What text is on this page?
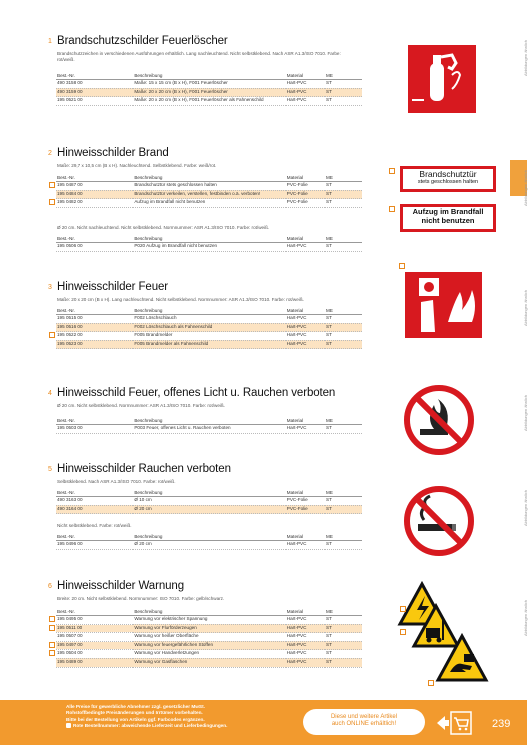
1 Brandschutzschilder Feuerlöscher
Brandschutzzeichen in verschiedenen Ausführungen erhältlich. Lang nachleuchtend. Nicht selbstklebend. Nach ASR A1.3/ISO 7010. Farbe: rot/weiß.
Best.-Nr.	Beschreibung	Material	ME
490 3158 00	Maße: 15 x 15 cm (B x H), F001 Feuerlöscher	Hart-PVC	ST
490 3159 00	Maße: 20 x 20 cm (B x H), F001 Feuerlöscher	Hart-PVC	ST
195 0521 00	Maße: 20 x 20 cm (B x H), F001 Feuerlöscher als Fahnenschild	Hart-PVC	ST
2 Hinweisschilder Brand
Maße: 29,7 x 10,5 cm (B x H). Nachleuchtend. Selbstklebend. Farbe: weiß/rot.
Best.-Nr.	Beschreibung	Material	ME

195 0487 00	Brandschutztür stets geschlossen halten	PVC-Folie	ST
195 0484 00	Brandschutztür verkeilen, verstellen, festbinden o.ä. verboten!	PVC-Folie	ST

195 0482 00	Aufzug im Brandfall nicht benutzen	PVC-Folie	ST
Ø 20 cm. Nicht nachleuchtend. Nicht selbstklebend. Normnummer: ASR A1.3/ISO 7010. Farbe: rot/weiß.
Best.-Nr.	Beschreibung	Material	ME
195 0506 00	P020 Aufzug im Brandfall nicht benutzen	Hart-PVC	ST
3 Hinweisschilder Feuer
Maße: 20 x 20 cm (B x H). Lang nachleuchtend. Nicht selbstklebend. Normnummer: ASR A1.3/ISO 7010. Farbe: rot/weiß.
Best.-Nr.	Beschreibung	Material	ME
195 0515 00	F002 Löschschlauch	Hart-PVC	ST
195 0516 00	F002 Löschschlauch als Fahnenschild	Hart-PVC	ST

195 0522 00	F005 Brandmelder	Hart-PVC	ST
195 0523 00	F005 Brandmelder als Fahnenschild	Hart-PVC	ST
4 Hinweisschild Feuer, offenes Licht u. Rauchen verboten
Ø 20 cm. Nicht selbstklebend. Normnummer: ASR A1.3/ISO 7010. Farbe: rot/weiß.
Best.-Nr.	Beschreibung	Material	ME
195 0503 00	P003 Feuer, offenes Licht u. Rauchen verboten	Hart-PVC	ST
5 Hinweisschilder Rauchen verboten
Selbstklebend. Nach ASR A1.3/ISO 7010. Farbe: rot/weiß.
Best.-Nr.	Beschreibung	Material	ME
490 3163 00	Ø 10 cm	PVC-Folie	ST
490 3164 00	Ø 20 cm	PVC-Folie	ST
Nicht selbstklebend. Farbe: rot/weiß.
Best.-Nr.	Beschreibung	Material	ME
195 0496 00	Ø 20 cm	Hart-PVC	ST
6 Hinweisschilder Warnung
Breite: 20 cm. Nicht selbstklebend. Normnummer: ISO 7010. Farbe: gelb/schwarz.
Best.-Nr.	Beschreibung	Material	ME

195 0495 00	Warnung vor elektrischer Spannung	Hart-PVC	ST

195 0511 00	Warnung vor Flurförderzeugen	Hart-PVC	ST
195 0507 00	Warnung vor heißer Oberfläche	Hart-PVC	ST

195 0497 00	Warnung vor feuergefährlichen Stoffen	Hart-PVC	ST

195 0504 00	Warnung vor Handverletzungen	Hart-PVC	ST
195 0489 00	Warnung vor Gasflaschen	Hart-PVC	ST
Abbildungen ähnlich
Abbildungen ähnlich
Abbildungen ähnlich
Abbildungen ähnlich
Abbildungen ähnlich
Abbildungen ähnlich
Brandschutztür
stets geschlossen halten
Aufzug im Brandfall
nicht benutzen
Alle Preise für gewerbliche Abnehmer zzgl. gesetzlicher MwSt.
Rohstoffbedingte Preisänderungen und Irrtümer vorbehalten.
Bitte bei der Bestellung von Artikeln ggf. Farbcodes ergänzen.
Rote Bestellnummer: abweichende Lieferzeit und Lieferbedingungen.
Diese und weitere Artikel
auch ONLINE erhältlich!	239
